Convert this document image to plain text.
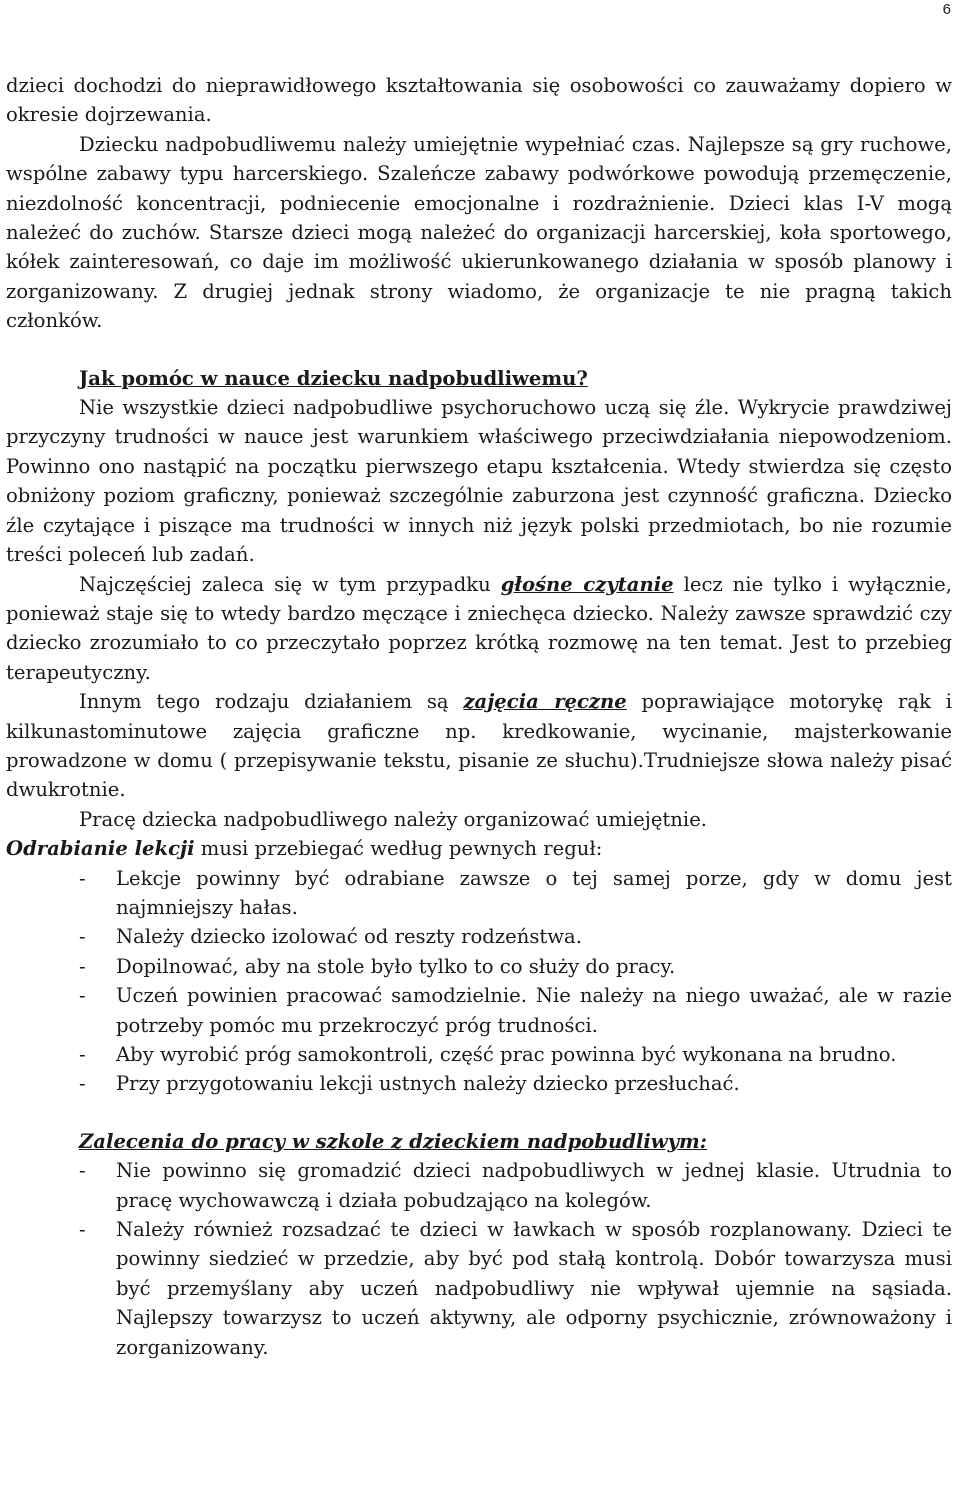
6

dzieci dochodzi do nieprawidłowego kształtowania się osobowości co zauważamy dopiero w okresie dojrzewania.

Dziecku nadpobudliwemu należy umiejętnie wypełniać czas. Najlepsze są gry ruchowe, wspólne zabawy typu harcerskiego. Szaleńcze zabawy podwórkowe powodują przemęczenie, niezdolność koncentracji, podniecenie emocjonalne i rozdrażnienie. Dzieci klas I-V mogą należeć do zuchów. Starsze dzieci mogą należeć do organizacji harcerskiej, koła sportowego, kółek zainteresowań, co daje im możliwość ukierunkowanego działania w sposób planowy i zorganizowany. Z drugiej jednak strony wiadomo, że organizacje te nie pragną takich członków.

Jak pomóc w nauce dziecku nadpobudliwemu?

Nie wszystkie dzieci nadpobudliwe psychoruchowo uczą się źle. Wykrycie prawdziwej przyczyny trudności w nauce jest warunkiem właściwego przeciwdziałania niepowodzeniom. Powinno ono nastąpić na początku pierwszego etapu kształcenia. Wtedy stwierdza się często obniżony poziom graficzny, ponieważ szczególnie zaburzona jest czynność graficzna. Dziecko źle czytające i piszące ma trudności w innych niż język polski przedmiotach, bo nie rozumie treści poleceń lub zadań.

Najczęściej zaleca się w tym przypadku głośne czytanie lecz nie tylko i wyłącznie, ponieważ staje się to wtedy bardzo męczące i zniechęca dziecko. Należy zawsze sprawdzić czy dziecko zrozumiało to co przeczytało poprzez krótką rozmowę na ten temat. Jest to przebieg terapeutyczny.

Innym tego rodzaju działaniem są zajęcia ręczne poprawiające motorykę rąk i kilkunastominutowe zajęcia graficzne np. kredkowanie, wycinanie, majsterkowanie prowadzone w domu ( przepisywanie tekstu, pisanie ze słuchu).Trudniejsze słowa należy pisać dwukrotnie.

Pracę dziecka nadpobudliwego należy organizować umiejętnie.

Odrabianie lekcji musi przebiegać według pewnych reguł:

- Lekcje powinny być odrabiane zawsze o tej samej porze, gdy w domu jest najmniejszy hałas.
- Należy dziecko izolować od reszty rodzeństwa.
- Dopilnować, aby na stole było tylko to co służy do pracy.
- Uczeń powinien pracować samodzielnie. Nie należy na niego uważać, ale w razie potrzeby pomóc mu przekroczyć próg trudności.
- Aby wyrobić próg samokontroli, część prac powinna być wykonana na brudno.
- Przy przygotowaniu lekcji ustnych należy dziecko przesłuchać.

Zalecenia do pracy w szkole z dzieckiem nadpobudliwym:

- Nie powinno się gromadzić dzieci nadpobudliwych w jednej klasie. Utrudnia to pracę wychowawczą i działa pobudzająco na kolegów.
- Należy również rozsadzać te dzieci w ławkach w sposób rozplanowany. Dzieci te powinny siedzieć w przedzie, aby być pod stałą kontrolą. Dobór towarzysza musi być przemyślany aby uczeń nadpobudliwy nie wpływał ujemnie na sąsiada. Najlepszy towarzysz to uczeń aktywny, ale odporny psychicznie, zrównoważony i zorganizowany.
